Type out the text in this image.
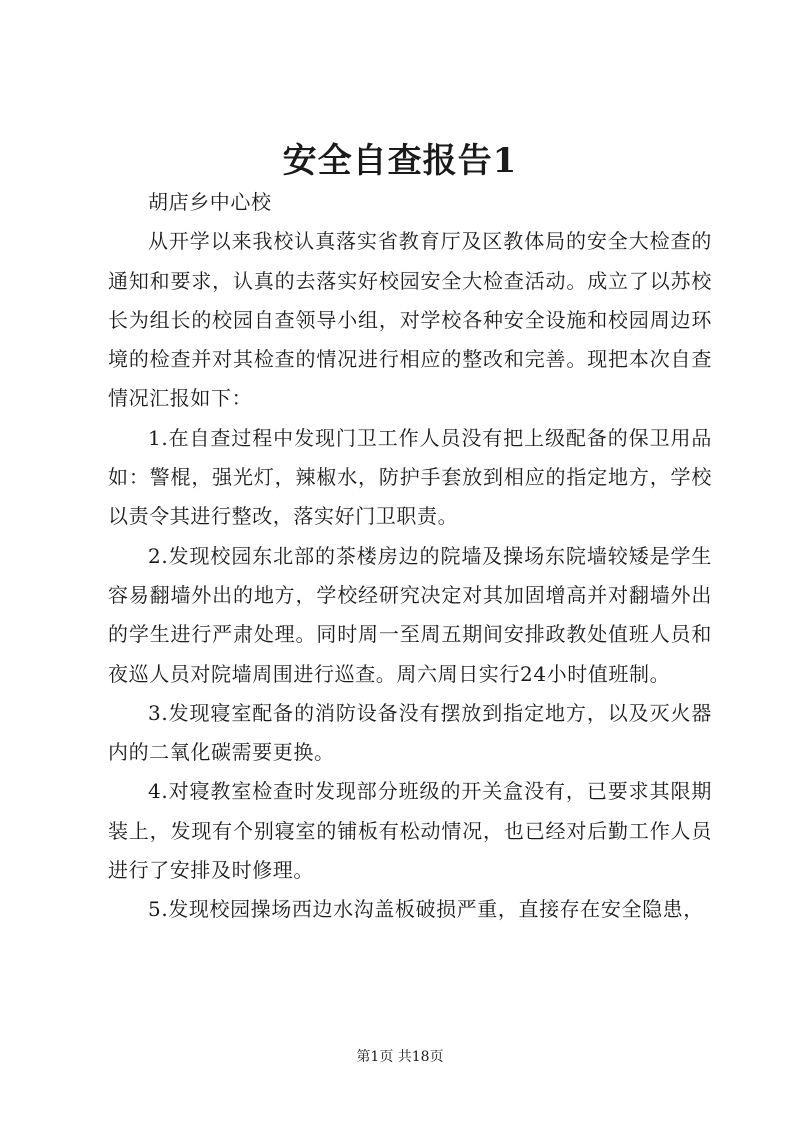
安全自查报告1

胡店乡中心校

从开学以来我校认真落实省教育厅及区教体局的安全大检查的通知和要求，认真的去落实好校园安全大检查活动。成立了以苏校长为组长的校园自查领导小组，对学校各种安全设施和校园周边环境的检查并对其检查的情况进行相应的整改和完善。现把本次自查情况汇报如下：

1.在自查过程中发现门卫工作人员没有把上级配备的保卫用品如：警棍，强光灯，辣椒水，防护手套放到相应的指定地方，学校以责令其进行整改，落实好门卫职责。

2.发现校园东北部的茶楼房边的院墙及操场东院墙较矮是学生容易翻墙外出的地方，学校经研究决定对其加固增高并对翻墙外出的学生进行严肃处理。同时周一至周五期间安排政教处值班人员和夜巡人员对院墙周围进行巡查。周六周日实行24小时值班制。

3.发现寝室配备的消防设备没有摆放到指定地方，以及灭火器内的二氧化碳需要更换。

4.对寝教室检查时发现部分班级的开关盒没有，已要求其限期装上，发现有个别寝室的铺板有松动情况，也已经对后勤工作人员进行了安排及时修理。

5.发现校园操场西边水沟盖板破损严重，直接存在安全隐患，

第1页 共18页
